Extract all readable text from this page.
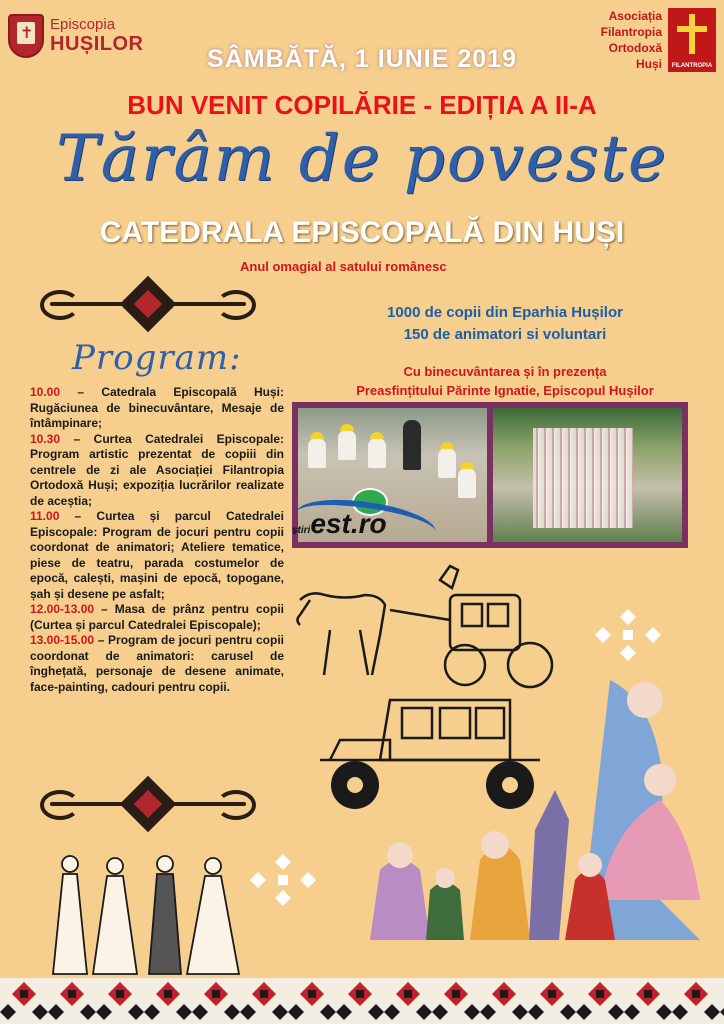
✝
Episcopia
HUȘILOR
Asociația
Filantropia
Ortodoxă
Huși	FILANTROPIA
SÂMBĂTĂ, 1 IUNIE 2019
BUN VENIT COPILĂRIE - EDIȚIA A II-A
Tărâm de poveste
CATEDRALA EPISCOPALĂ DIN HUȘI
Anul omagial al satului românesc
Program:

10.00 – Catedrala Episcopală Huși: Rugăciunea de binecuvântare, Mesaje de întâmpinare;

10.30 – Curtea Catedralei Episcopale: Program artistic prezentat de copiii din centrele de zi ale Asociației Filantropia Ortodoxă Huși; expoziția lucrărilor realizate de aceștia;

11.00 – Curtea și parcul Catedralei Episcopale: Program de jocuri pentru copii coordonat de animatori; Ateliere tematice, piese de teatru, parada costumelor de epocă, calești, mașini de epocă, topogane, șah și desene pe asfalt;

12.00-13.00 – Masa de prânz pentru copii (Curtea și parcul Catedralei Episcopale);

13.00-15.00 – Program de jocuri pentru copii coordonat de animatori: carusel de înghețată, personaje de desene animate, face-painting, cadouri pentru copii.

1000 de copii din Eparhia Hușilor
150 de animatori si voluntari
Cu binecuvântarea și în prezența
Preasfințitului Părinte Ignatie, Episcopul Hușilor
știriest.ro
